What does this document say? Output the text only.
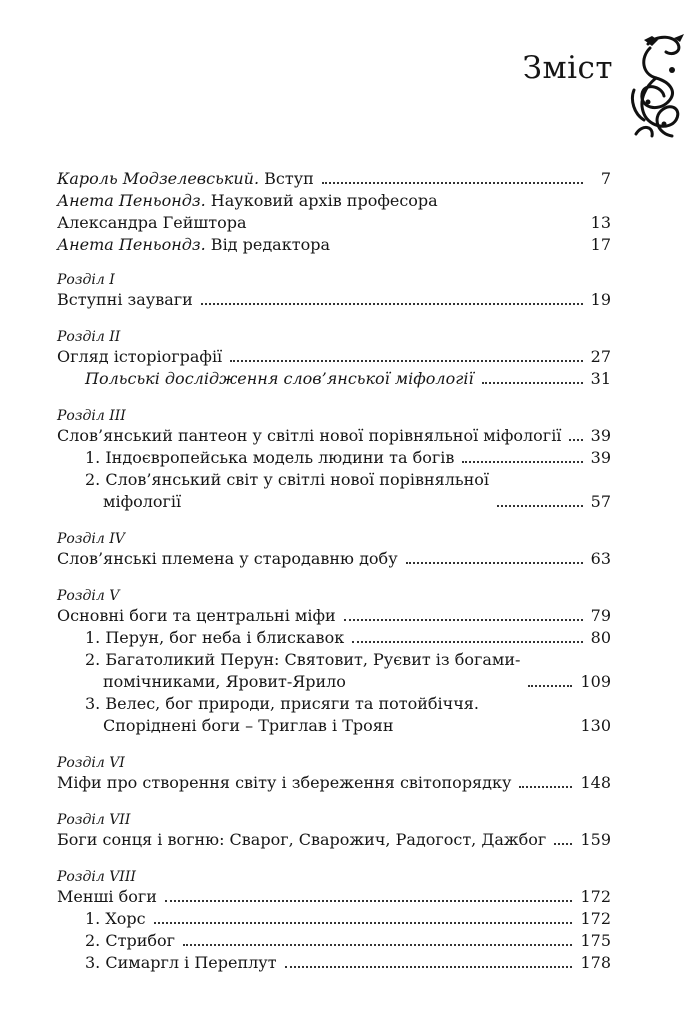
Зміст
Кароль Модзелевський. Вступ	7
Анета Пеньондз. Науковий архів професора
Александра Гейштора	13
Анета Пеньондз. Від редактора	17
Розділ I
Вступні зауваги	19
Розділ II
Огляд історіографії	27
Польські дослідження слов’янської міфології	31
Розділ III
Слов’янський пантеон у світлі нової порівняльної міфології 39
1. Індоєвропейська модель людини та богів	39
2. Слов’янський світ у світлі нової порівняльної
міфології	57
Розділ IV
Слов’янські племена у стародавню добу	63
Розділ V
Основні боги та центральні міфи	79
1. Перун, бог неба і блискавок	80
2. Багатоликий Перун: Святовит, Руєвит із богами-
помічниками, Яровит-Ярило	109
3. Велес, бог природи, присяги та потойбіччя.
Споріднені боги – Триглав і Троян	130
Розділ VI
Міфи про створення світу і збереження світопорядку	148
Розділ VII
Боги сонця і вогню: Сварог, Сварожич, Радогост, Дажбог 159
Розділ VIII
Менші боги	172
1. Хорс	172
2. Стрибог	175
3. Симаргл і Переплут	178
